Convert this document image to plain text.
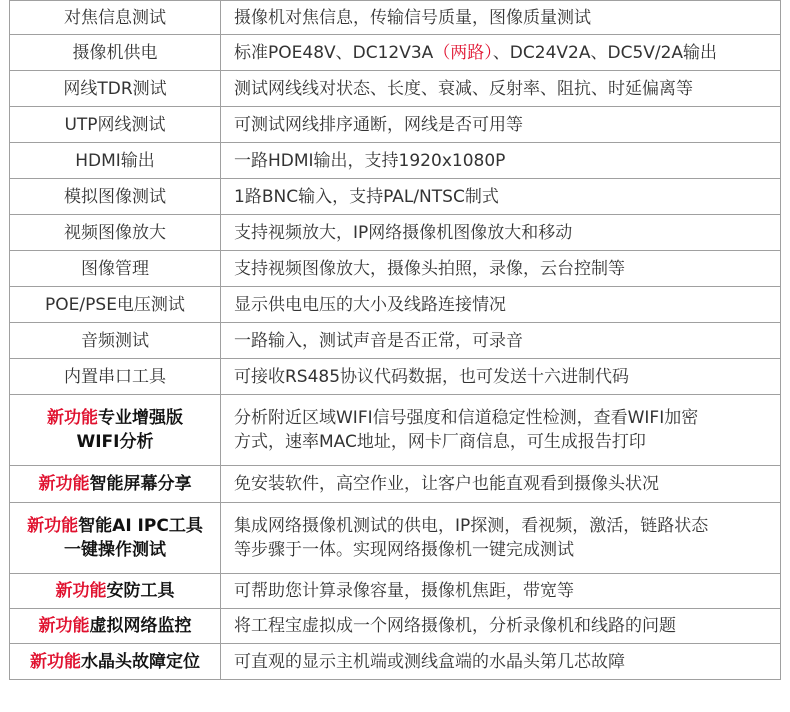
对焦信息测试	摄像机对焦信息，传输信号质量，图像质量测试
摄像机供电	标准POE48V、DC12V3A（两路）、DC24V2A、DC5V/2A输出
网线TDR测试	测试网线线对状态、长度、衰减、反射率、阻抗、时延偏离等
UTP网线测试	可测试网线排序通断，网线是否可用等
HDMI输出	一路HDMI输出，支持1920x1080P
模拟图像测试	1路BNC输入，支持PAL/NTSC制式
视频图像放大	支持视频放大，IP网络摄像机图像放大和移动
图像管理	支持视频图像放大，摄像头拍照，录像，云台控制等
POE/PSE电压测试	显示供电电压的大小及线路连接情况
音频测试	一路输入，测试声音是否正常，可录音
内置串口工具	可接收RS485协议代码数据，也可发送十六进制代码

新功能专业增强版
WIFI分析	分析附近区域WIFI信号强度和信道稳定性检测，查看WIFI加密
方式，速率MAC地址，网卡厂商信息，可生成报告打印

新功能智能屏幕分享	免安装软件，高空作业，让客户也能直观看到摄像头状况

新功能智能AI IPC工具
一键操作测试	集成网络摄像机测试的供电，IP探测，看视频，激活，链路状态
等步骤于一体。实现网络摄像机一键完成测试

新功能安防工具	可帮助您计算录像容量，摄像机焦距，带宽等
新功能虚拟网络监控	将工程宝虚拟成一个网络摄像机，分析录像机和线路的问题
新功能水晶头故障定位	可直观的显示主机端或测线盒端的水晶头第几芯故障
